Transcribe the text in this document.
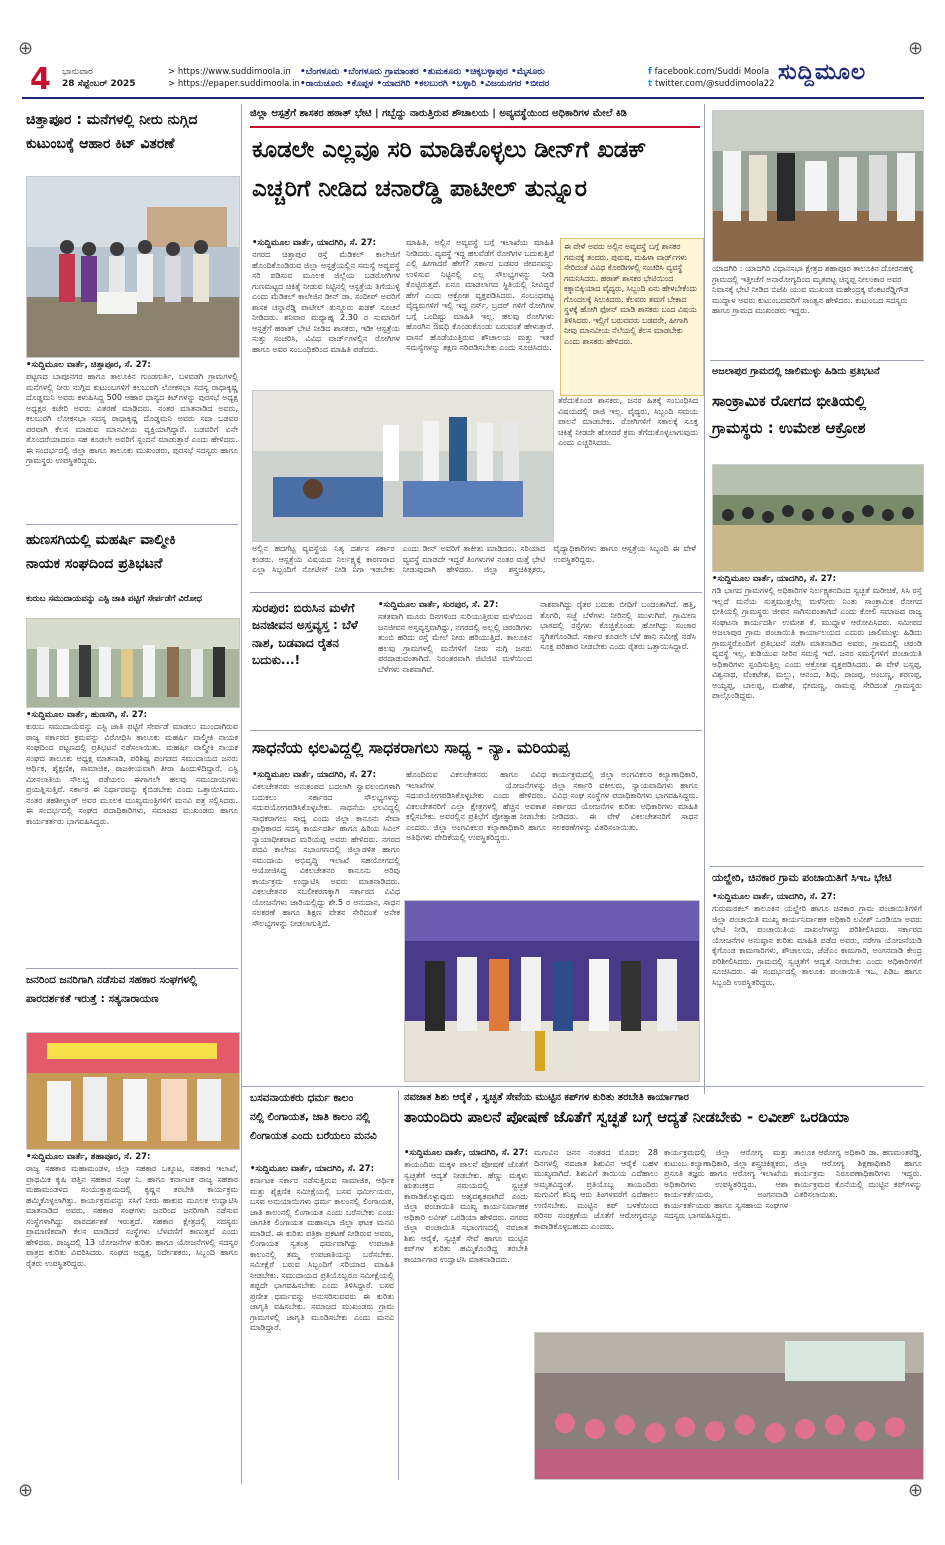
⊕	⊕
⊕	⊕
4 ಭಾನುವಾರ
28 ಸೆಪ್ಟೆಂಬರ್ 2025
> https://www.suddimoola.in
> https://epaper.suddimoola.in
•ಬೆಂಗಳೂರು •ಬೆಂಗಳೂರು ಗ್ರಾಮಾಂತರ •ತುಮಕೂರು •ಚಿಕ್ಕಬಳ್ಳಾಪುರ •ಮೈಸೂರು
•ರಾಯಚೂರು •ಕೊಪ್ಪಳ •ಯಾದಗಿರಿ •ಕಲಬುರಗಿ •ಬಳ್ಳಾರಿ •ವಿಜಯನಗರ •ಬೀದರ
f facebook.com/Suddi Moola
t twitter.com/@suddimoola22 ಸುದ್ದಿಮೂಲ
ಚಿತ್ತಾಪೂರ : ಮನೆಗಳಲ್ಲಿ ನೀರು ನುಗ್ಗಿದ
ಕುಟುಂಬಕ್ಕೆ ಆಹಾರ ಕಿಟ್ ವಿತರಣೆ
•ಸುದ್ದಿಮೂಲ ವಾರ್ತೆ, ಚಿತ್ತಾಪೂರ, ಸೆ. 27:
ಪಟ್ಟಣದ ಬಾಪೂನಗರ ಹಾಗೂ ತಾಲೂಕಿನ ಗುಂಡಗುರ್ತಿ, ಬಳವಡಗಿ ಗ್ರಾಮಗಳಲ್ಲಿ ಮನೆಗಳಲ್ಲಿ ನೀರು ನುಗ್ಗಿದ ಕುಟುಂಬಗಳಿಗೆ ಕಲಬುರಗಿ ಲೋಕಸಭಾ ಸದಸ್ಯ ರಾಧಾಕೃಷ್ಣ ದೊಡ್ಡಮನಿ ಅವರು ಕಳುಹಿಸಿದ್ದ 500 ಆಹಾರ ಧಾನ್ಯದ ಕಿಟ್‌ಗಳನ್ನು ಪುರಸಭೆ ಅಧ್ಯಕ್ಷ ಅಧ್ಯಕ್ಷರ ಕಚೇರಿ ಅವರು ವಿತರಣೆ ಮಾಡಿದರು. ನಂತರ ಮಾತನಾಡಿದ ಅವರು, ಕಲಬುರಗಿ ಲೋಕಸಭಾ ಸದಸ್ಯ ರಾಧಾಕೃಷ್ಣ ದೊಡ್ಡಮನಿ ಅವರು ಸದಾ ಬಡವರ ಪರವಾಗಿ ಕೆಲಸ ಮಾಡುವ ಮಾನವೀಯ ವ್ಯಕ್ತಿಯಾಗಿದ್ದಾರೆ. ಬಡವರಿಗೆ ಏನೇ ತೊಂದರೆಯಾದರೂ ಸಹ ಕೂಡಲೇ ಅವರಿಗೆ ಸ್ಪಂದನೆ ಮಾಡುತ್ತಾರೆ ಎಂದು ಹೇಳಿದರು. ಈ ಸಂದರ್ಭದಲ್ಲಿ ಜಿಲ್ಲಾ ಹಾಗೂ ತಾಲೂಕು ಮುಖಂಡರು, ಪುರಸಭೆ ಸದಸ್ಯರು ಹಾಗೂ ಗ್ರಾಮಸ್ಥರು ಉಪಸ್ಥಿತರಿದ್ದರು.
ಹುಣಸಗಿಯಲ್ಲಿ ಮಹರ್ಷಿ ವಾಲ್ಮೀಕಿ
ನಾಯಕ ಸಂಘದಿಂದ ಪ್ರತಿಭಟನೆ
ಕುರುಬ ಸಮುದಾಯವನ್ನು ಎಸ್ಟಿ ಜಾತಿ ಪಟ್ಟಿಗೆ ಸೇರ್ಪಡೆಗೆ ವಿರೋಧ
•ಸುದ್ದಿಮೂಲ ವಾರ್ತೆ, ಹುಣಸಗಿ, ಸೆ. 27:
ಕುರುಬ ಸಮುದಾಯವನ್ನು ಎಸ್ಟಿ ಜಾತಿ ಪಟ್ಟಿಗೆ ಸೇರ್ಪಡೆ ಮಾಡಲು ಮುಂದಾಗಿರುವ ರಾಜ್ಯ ಸರ್ಕಾರದ ಕ್ರಮವನ್ನು ವಿರೋಧಿಸಿ ತಾಲೂಕು ಮಹರ್ಷಿ ವಾಲ್ಮೀಕಿ ನಾಯಕ ಸಂಘದಿಂದ ಪಟ್ಟಣದಲ್ಲಿ ಪ್ರತಿಭಟನೆ ನಡೆಸಲಾಯಿತು. ಮಹರ್ಷಿ ವಾಲ್ಮೀಕಿ ನಾಯಕ ಸಂಘದ ತಾಲೂಕು ಅಧ್ಯಕ್ಷ ಮಾತನಾಡಿ, ಪರಿಶಿಷ್ಟ ಪಂಗಡದ ಸಮುದಾಯದ ಜನರು ಆರ್ಥಿಕ, ಶೈಕ್ಷಣಿಕ, ಸಾಮಾಜಿಕ, ರಾಜಕೀಯವಾಗಿ ತೀರಾ ಹಿಂದುಳಿದಿದ್ದಾರೆ. ಎಸ್ಟಿ ಮೀಸಲಾತಿಯ ಸೌಲಭ್ಯ ಪಡೆಯಲು ಈಗಾಗಲೇ ಹಲವು ಸಮುದಾಯಗಳು ಪ್ರಯತ್ನಿಸುತ್ತಿವೆ. ಸರ್ಕಾರ ಈ ನಿರ್ಧಾರವನ್ನು ಕೈಬಿಡಬೇಕು ಎಂದು ಒತ್ತಾಯಿಸಿದರು. ನಂತರ ತಹಶೀಲ್ದಾರ್ ಅವರ ಮೂಲಕ ಮುಖ್ಯಮಂತ್ರಿಗಳಿಗೆ ಮನವಿ ಪತ್ರ ಸಲ್ಲಿಸಿದರು. ಈ ಸಂದರ್ಭದಲ್ಲಿ ಸಂಘದ ಪದಾಧಿಕಾರಿಗಳು, ಸಮಾಜದ ಮುಖಂಡರು ಹಾಗೂ ಕಾರ್ಯಕರ್ತರು ಭಾಗವಹಿಸಿದ್ದರು.
ಜನರಿಂದ ಜನರಿಗಾಗಿ ನಡೆಸುವ ಸಹಕಾರ ಸಂಘಗಳಲ್ಲಿ
ಪಾರದರ್ಶಕತೆ ಇರುತ್ತೆ : ಸತ್ಯನಾರಾಯಣ
•ಸುದ್ದಿಮೂಲ ವಾರ್ತೆ, ಶಹಾಪೂರ, ಸೆ. 27:
ರಾಜ್ಯ ಸಹಕಾರ ಮಹಾಮಂಡಳ, ಜಿಲ್ಲಾ ಸಹಕಾರ ಒಕ್ಕೂಟ, ಸಹಕಾರ ಇಲಾಖೆ, ಪ್ರಾಥಮಿಕ ಕೃಷಿ ಪತ್ತಿನ ಸಹಕಾರ ಸಂಘ ನಿ. ಹಾಗೂ ಕರ್ನಾಟಕ ರಾಜ್ಯ ಸಹಕಾರ ಮಹಾಮಂಡಳದ ಸಂಯುಕ್ತಾಶ್ರಯದಲ್ಲಿ ಕೃಷ್ಣನ ತರಬೇತಿ ಕಾರ್ಯಕ್ರಮ ಹಮ್ಮಿಕೊಳ್ಳಲಾಗಿತ್ತು. ಕಾರ್ಯಕ್ರಮವನ್ನು ಸಸಿಗೆ ನೀರು ಹಾಕುವ ಮೂಲಕ ಉದ್ಘಾಟಿಸಿ ಮಾತನಾಡಿದ ಅವರು, ಸಹಕಾರ ಸಂಘಗಳು ಜನರಿಂದ ಜನರಿಗಾಗಿ ನಡೆಸುವ ಸಂಸ್ಥೆಗಳಾಗಿದ್ದು ಪಾರದರ್ಶಕತೆ ಇರುತ್ತದೆ. ಸಹಕಾರ ಕ್ಷೇತ್ರದಲ್ಲಿ ಸದಸ್ಯರು ಪ್ರಾಮಾಣಿಕವಾಗಿ ಕೆಲಸ ಮಾಡಿದರೆ ಸಂಸ್ಥೆಗಳು ಬೆಳವಣಿಗೆ ಕಾಣುತ್ತವೆ ಎಂದು ಹೇಳಿದರು. ರಾಜ್ಯದಲ್ಲಿ 13 ಯೋಜನೆಗಳ ಕುರಿತು ಹಾಗೂ ಯೋಜನೆಗಳಲ್ಲಿ ಸದಸ್ಯರ ಪಾತ್ರದ ಕುರಿತು ವಿವರಿಸಿದರು. ಸಂಘದ ಅಧ್ಯಕ್ಷ, ನಿರ್ದೇಶಕರು, ಸಿಬ್ಬಂದಿ ಹಾಗೂ ರೈತರು ಉಪಸ್ಥಿತರಿದ್ದರು.
ಜಿಲ್ಲಾ ಆಸ್ಪತ್ರೆಗೆ ಶಾಸಕರ ಹಠಾತ್ ಭೇಟಿ | ಗಬ್ಬೆದ್ದು ನಾರುತ್ತಿರುವ ಶೌಚಾಲಯ | ಅವ್ಯವಸ್ಥೆಯಿಂದ ಅಧಿಕಾರಿಗಳ ಮೇಲೆ ಕಿಡಿ
ಕೂಡಲೇ ಎಲ್ಲವೂ ಸರಿ ಮಾಡಿಕೊಳ್ಳಲು ಡೀನ್‌ಗೆ ಖಡಕ್
ಎಚ್ಚರಿಗೆ ನೀಡಿದ ಚನಾರೆಡ್ಡಿ ಪಾಟೀಲ್ ತುನ್ನೂರ
•ಸುದ್ದಿಮೂಲ ವಾರ್ತೆ, ಯಾದಗಿರಿ, ಸೆ. 27:
ನಗರದ ಚಿತ್ತಾಪುರ ರಸ್ತೆ ಮೆಡಿಕಲ್ ಕಾಲೇಜಿಗೆ ಹೊಂದಿಕೊಂಡಿರುವ ಜಿಲ್ಲಾ ಆಸ್ಪತ್ರೆಯಲ್ಲಿನ ಸಮಸ್ಯೆ ಅವ್ಯವಸ್ಥೆ ಸರಿ ಪಡಿಸುವ ಮೂಲಕ ಜಿಲ್ಲೆಯ ಬಡರೋಗಿಗಳ ಗುಣಮಟ್ಟದ ಚಿಕಿತ್ಸೆ ನೀಡುವ ನಿಟ್ಟಿನಲ್ಲಿ ಆಸ್ಪತ್ರೆಯ ತಿಗೆಯುಳ್ಳಿ ಎಂದು ಮೆಡಿಕಲ್ ಕಾಲೇಜಿನ ಡೀನ್ ಡಾ. ಸಂದೀಪ್ ಅವರಿಗೆ ಶಾಸಕ ಚನ್ನಾರೆಡ್ಡಿ ಪಾಟೀಲ್ ತುನ್ನೂರು ಖಡಕ್ ಸೂಚನೆ ನೀಡಿದರು. ಶನಿವಾರ ಮಧ್ಯಾಹ್ನ 2.30 ರ ಸುಮಾರಿಗೆ ಆಸ್ಪತ್ರೆಗೆ ಹಠಾತ್ ಭೇಟಿ ನೀಡಿದ ಶಾಸಕರು, ಇಡೀ ಆಸ್ಪತ್ರೆಯ ಸುತ್ತು ಸಂಚರಿಸಿ, ವಿವಿಧ ವಾರ್ಡ್‌ಗಳಲ್ಲಿನ ರೋಗಿಗಳ ಹಾಗೂ ಅವರ ಸಂಬಂಧಿಕರಿಂದ ಮಾಹಿತಿ ಪಡೆದರು.
ಮಾಹಿತಿ, ಅಲ್ಲಿನ ಅವ್ಯವಸ್ಥೆ ಬಗ್ಗೆ ಇಲಾಖೆಯ ಮಾಹಿತಿ ನೀಡಿದರು. ವ್ಯವಸ್ಥೆ ಇದ್ದ ಹಲವೆಡೆಗೆ ರೋಗಿಗಳ ಬದುಕುತ್ತಿವೆ ಎಲ್ಲಿ ಹೀಗಾದರೆ ಹೇಗೆ? ಸರ್ಕಾರ ಬಡವರ ಜೀವನವನ್ನು ಉಳಿಸುವ ನಿಟ್ಟಿನಲ್ಲಿ ಎಲ್ಲ ಸೌಲಭ್ಯಗಳನ್ನು ನೀಡಿ ಕೊಟ್ಟಿರುತ್ತದೆ. ಏನೂ ಮಾಡಲಾಗದ ಸ್ಥಿತಿಯಲ್ಲಿ ನೀವಿದ್ದರೆ ಹೇಗೆ ಎಂದು ಆಕ್ರೋಶ ವ್ಯಕ್ತಪಡಿಸಿದರು. ಸಂಬಂಧಪಟ್ಟ ವೈದ್ಯರುಗಳಿಗೆ ಇಲ್ಲಿ ಇದ್ದ ನರ್ಸ್, ಬ್ರದರ್ ಗಳಿಗೆ ರೋಗಿಗಳ ಬಗ್ಗೆ ಒಂದಿಷ್ಟು ಮಾಹಿತಿ ಇಲ್ಲ. ಹಲವು ರೋಗಿಗಳು ಹೊರಗಿನ ಔಷಧಿ ಕೊಂಡುಕೊಂಡು ಬರುವಂತೆ ಹೇಳುತ್ತಾರೆ. ವಾಸನೆ ಹೊಡೆಯುತ್ತಿರುವ ಶೌಚಾಲಯ ಮತ್ತು ಇತರೆ ಸಮಸ್ಯೆಗಳನ್ನು ತಕ್ಷಣ ಸರಿಪಡಿಸಬೇಕು ಎಂದು ಸೂಚಿಸಿದರು.
ಈ ವೇಳೆ ಅವರು ಅಲ್ಲಿನ ಅವ್ಯವಸ್ಥೆ ಬಗ್ಗೆ ಶಾಸಕರ ಗಮನಕ್ಕೆ ತಂದರು. ಪುರುಷ, ಮಹಿಳಾ ವಾರ್ಡ್‌ಗಳು ಸೇರಿದಂತೆ ವಿವಿಧ ಕೊಠಡಿಗಳಲ್ಲಿ ಸಂಚರಿಸಿ ವ್ಯವಸ್ಥೆ ಗಮನಿಸಿದರು. ಹಠಾತ್ ಶಾಸಕರ ಭೇಟಿಯಿಂದ ಕಕ್ಕಾಬಿಕ್ಕಿಯಾದ ವೈದ್ಯರು, ಸಿಬ್ಬಂದಿ ಏನು ಹೇಳಬೇಕೆಂದು ಗೊಂದಲಕ್ಕೆ ಸಿಲುಕಿದರು. ಕೆಲವರು ತಮಗೆ ಬೇಕಾದ ಸ್ಥಳಕ್ಕೆ ಹೋಗಿ ಫೋನ್ ಮಾಡಿ ಶಾಸಕರು ಬಂದ ವಿಷಯ ತಿಳಿಸಿದರು. ಇಲ್ಲಿಗೆ ಬರುವವರು ಬಡವರೇ, ಹೀಗಾಗಿ ನೀವು ಮಾನವೀಯ ನೆಲೆಯಲ್ಲಿ ಕೆಲಸ ಮಾಡಬೇಕು ಎಂದು ಶಾಸಕರು ಹೇಳಿದರು.
ತೆರೆದುಕೊಂಡ ಶಾಸಕರು, ಜನರ ಹಿತಕ್ಕೆ ಸಂಬಂಧಿಸಿದ ವಿಷಯದಲ್ಲಿ ರಾಜಿ ಇಲ್ಲ. ವೈದ್ಯರು, ಸಿಬ್ಬಂದಿ ಸಮಯ ಪಾಲನೆ ಮಾಡಬೇಕು. ರೋಗಿಗಳಿಗೆ ಸಕಾಲಕ್ಕೆ ಸೂಕ್ತ ಚಿಕಿತ್ಸೆ ನೀಡದೇ ಹೋದರೆ ಕ್ರಮ ತೆಗೆದುಕೊಳ್ಳಲಾಗುವುದು ಎಂದು ಎಚ್ಚರಿಸಿದರು.
ಅಲ್ಲಿನ ಹದಗೆಟ್ಟ ವ್ಯವಸ್ಥೆಯ ನಿತ್ಯ ದರ್ಶನ ಸರ್ಕಾರ ಕಂಡರು. ಆಸ್ಪತ್ರೆಯ ವಿಷಯದ ನಿರ್ಲಕ್ಷ್ಯಕ್ಕೆ ಕಾರಣರಾದ ಎಲ್ಲಾ ಸಿಬ್ಬಂದಿಗೆ ನೋಟೀಸ್ ನೀಡಿ ನಿಗಾ ಇಡಬೇಕು ಎಂದು ಡೀನ್ ಅವರಿಗೆ ತಾಕೀತು ಮಾಡಿದರು. ಸರಿಯಾದ ವ್ಯವಸ್ಥೆ ಮಾಡದೇ ಇದ್ದರೆ ತಿಂಗಳುಗಳ ನಂತರ ಮತ್ತೆ ಭೇಟಿ ನೀಡುವುದಾಗಿ ಹೇಳಿದರು. ಜಿಲ್ಲಾ ಶಸ್ತ್ರಚಿಕಿತ್ಸಕರು, ವೈದ್ಯಾಧಿಕಾರಿಗಳು ಹಾಗೂ ಆಸ್ಪತ್ರೆಯ ಸಿಬ್ಬಂದಿ ಈ ವೇಳೆ ಉಪಸ್ಥಿತರಿದ್ದರು.
ಸುರಪುರ: ಬಿರುಸಿನ ಮಳೆಗೆ ಜನಜೀವನ ಅಸ್ತವ್ಯಸ್ತ : ಬೆಳೆ ನಾಶ, ಬಡವಾದ ರೈತನ ಬದುಕು...!
•ಸುದ್ದಿಮೂಲ ವಾರ್ತೆ, ಸುರಪುರ, ಸೆ. 27:
ಸತತವಾಗಿ ಮೂರು ದಿನಗಳಿಂದ ಸುರಿಯುತ್ತಿರುವ ಮಳೆಯಿಂದ ಜನಜೀವನ ಅಸ್ತವ್ಯಸ್ತವಾಗಿದ್ದು, ನಗರದಲ್ಲಿ ಅಲ್ಲಲ್ಲಿ ಚರಂಡಿಗಳು ತುಂಬಿ ಹರಿದು ರಸ್ತೆ ಮೇಲೆ ನೀರು ಹರಿಯುತ್ತಿದೆ. ತಾಲೂಕಿನ ಹಲವು ಗ್ರಾಮಗಳಲ್ಲಿ ಮನೆಗಳಿಗೆ ನೀರು ನುಗ್ಗಿ ಜನರು ಪರದಾಡುವಂತಾಗಿದೆ. ನಿರಂತರವಾಗಿ ಜಿಟಿಜಿಟಿ ಮಳೆಯಿಂದ ಬೆಳೆಗಳು ನಾಶವಾಗಿವೆ.
ನಾಶವಾಗಿದ್ದು ರೈತರ ಬದುಕು ಬೀದಿಗೆ ಬಂದಂತಾಗಿದೆ. ಹತ್ತಿ, ತೊಗರಿ, ಸಜ್ಜೆ ಬೆಳೆಗಳು ನೀರಿನಲ್ಲಿ ಮುಳುಗಿವೆ. ಗ್ರಾಮೀಣ ಭಾಗದಲ್ಲಿ ರಸ್ತೆಗಳು ಕೊಚ್ಚಿಕೊಂಡು ಹೋಗಿದ್ದು ಸಂಚಾರ ಸ್ಥಗಿತಗೊಂಡಿದೆ. ಸರ್ಕಾರ ಕೂಡಲೇ ಬೆಳೆ ಹಾನಿ ಸಮೀಕ್ಷೆ ನಡೆಸಿ ಸೂಕ್ತ ಪರಿಹಾರ ನೀಡಬೇಕು ಎಂದು ರೈತರು ಒತ್ತಾಯಿಸಿದ್ದಾರೆ.
ಸಾಧನೆಯ ಛಲವಿದ್ದಲ್ಲಿ ಸಾಧಕರಾಗಲು ಸಾಧ್ಯ - ನ್ಯಾ. ಮರಿಯಪ್ಪ
•ಸುದ್ದಿಮೂಲ ವಾರ್ತೆ, ಯಾದಗಿರಿ, ಸೆ. 27:
ವಿಕಲಚೇತನರು ಅನುಕಂಪದ ಬದಲಾಗಿ ಸ್ವಾವಲಂಬಿಗಳಾಗಿ ಬದುಕಲು ಸರ್ಕಾರದ ಸೌಲಭ್ಯಗಳನ್ನು ಸದುಪಯೋಗಪಡಿಸಿಕೊಳ್ಳಬೇಕು. ಸಾಧನೆಯ ಛಲವಿದ್ದಲ್ಲಿ ಸಾಧಕರಾಗಲು ಸಾಧ್ಯ ಎಂದು ಜಿಲ್ಲಾ ಕಾನೂನು ಸೇವಾ ಪ್ರಾಧಿಕಾರದ ಸದಸ್ಯ ಕಾರ್ಯದರ್ಶಿ ಹಾಗೂ ಹಿರಿಯ ಸಿವಿಲ್ ನ್ಯಾಯಾಧೀಶರಾದ ಮರಿಯಪ್ಪ ಅವರು ಹೇಳಿದರು. ನಗರದ ಪದವಿ ಕಾಲೇಜು ಸಭಾಂಗಣದಲ್ಲಿ ಜಿಲ್ಲಾಡಳಿತ ಹಾಗೂ ಸಮುದಾಯ ಅಭಿವೃದ್ಧಿ ಇಲಾಖೆ ಸಹಯೋಗದಲ್ಲಿ ಆಯೋಜಿಸಿದ್ದ ವಿಕಲಚೇತನರ ಕಾನೂನು ಅರಿವು ಕಾರ್ಯಕ್ರಮ ಉದ್ಘಾಟಿಸಿ ಅವರು ಮಾತನಾಡಿದರು. ವಿಕಲಚೇತನರ ಸಬಲೀಕರಣಕ್ಕಾಗಿ ಸರ್ಕಾರದ ವಿವಿಧ ಯೋಜನೆಗಳು ಜಾರಿಯಲ್ಲಿದ್ದು ಶೇ.5 ರ ಅನುದಾನ, ಸಾಧನ ಸಲಕರಣೆ ಹಾಗೂ ಶಿಕ್ಷಣ ವೇತನ ಸೇರಿದಂತೆ ಅನೇಕ ಸೌಲಭ್ಯಗಳನ್ನು ನೀಡಲಾಗುತ್ತಿದೆ.
ಹೊಂದಿರುವ ವಿಕಲಚೇತನರು ಹಾಗೂ ವಿವಿಧ ಇಲಾಖೆಗಳ ಯೋಜನೆಗಳನ್ನು ಸದುಪಯೋಗಪಡಿಸಿಕೊಳ್ಳಬೇಕು ಎಂದು ಹೇಳಿದರು. ವಿಕಲಚೇತನರಿಗೆ ಎಲ್ಲಾ ಕ್ಷೇತ್ರಗಳಲ್ಲಿ ಹೆಚ್ಚಿನ ಅವಕಾಶ ಕಲ್ಪಿಸಬೇಕು. ಅವರಲ್ಲಿನ ಪ್ರತಿಭೆಗೆ ಪ್ರೋತ್ಸಾಹ ನೀಡಬೇಕು ಎಂದರು. ಜಿಲ್ಲಾ ಅಂಗವಿಕಲರ ಕಲ್ಯಾಣಾಧಿಕಾರಿ ಹಾಗೂ ಅತಿಥಿಗಳು ವೇದಿಕೆಯಲ್ಲಿ ಉಪಸ್ಥಿತರಿದ್ದರು.
ಕಾರ್ಯಕ್ರಮದಲ್ಲಿ ಜಿಲ್ಲಾ ಅಂಗವಿಕಲರ ಕಲ್ಯಾಣಾಧಿಕಾರಿ, ಜಿಲ್ಲಾ ಸರ್ಕಾರಿ ವಕೀಲರು, ನ್ಯಾಯವಾದಿಗಳು ಹಾಗೂ ವಿವಿಧ ಸಂಘ ಸಂಸ್ಥೆಗಳ ಪದಾಧಿಕಾರಿಗಳು ಭಾಗವಹಿಸಿದ್ದರು. ಸರ್ಕಾರದ ಯೋಜನೆಗಳ ಕುರಿತು ಅಧಿಕಾರಿಗಳು ಮಾಹಿತಿ ನೀಡಿದರು. ಈ ವೇಳೆ ವಿಕಲಚೇತನರಿಗೆ ಸಾಧನ ಸಲಕರಣೆಗಳನ್ನು ವಿತರಿಸಲಾಯಿತು.
ಯಾದಗಿರಿ : ಯಾದಗಿರಿ ವಿಧಾನಸಭಾ ಕ್ಷೇತ್ರದ ಶಹಾಪೂರ ತಾಲೂಕಿನ ದೋರನಹಳ್ಳಿ ಗ್ರಾಮದಲ್ಲಿ ಇತ್ತೀಚೆಗೆ ಅನಾರೋಗ್ಯದಿಂದ ಮೃತಪಟ್ಟ ಚಿನ್ನಪ್ಪ ನೀಲಂಕಾರ ಅವರ ನಿವಾಸಕ್ಕೆ ಭೇಟಿ ನೀಡಿದ ಬಿಜೆಪಿ ಯುವ ಮುಖಂಡ ಮಹೇಂದ್ರಕ್ಕ ವೆಂಕಟರೆಡ್ಡಿಗೌಡ ಮುದ್ನಾಳ ಅವರು ಕುಟುಂಬದವರಿಗೆ ಸಾಂತ್ವನ ಹೇಳಿದರು. ಕುಟುಂಬದ ಸದಸ್ಯರು ಹಾಗೂ ಗ್ರಾಮದ ಮುಖಂಡರು ಇದ್ದರು.
ಅಜಲಾಪುರ ಗ್ರಾಮದಲ್ಲಿ ಜಾಲಿಮುಳ್ಳು ಹಿಡಿದು ಪ್ರತಿಭಟನೆ
ಸಾಂಕ್ರಾಮಿಕ ರೋಗದ ಭೀತಿಯಲ್ಲಿ
ಗ್ರಾಮಸ್ಥರು : ಉಮೇಶ ಆಕ್ರೋಶ
•ಸುದ್ದಿಮೂಲ ವಾರ್ತೆ, ಯಾದಗಿರಿ, ಸೆ. 27:
ಗಡಿ ಭಾಗದ ಗ್ರಾಮಗಳಲ್ಲಿ ಅಧಿಕಾರಿಗಳ ನಿರ್ಲಕ್ಷ್ಯತನದಿಂದ ಸ್ವಚ್ಛತೆ ಮರೀಚಿಕೆ, ಸಿಸಿ ರಸ್ತೆ ಇಲ್ಲದೆ ಮನೆಯ ಸುತ್ತಮುತ್ತಲೆಲ್ಲ ಮಳೆನೀರು ನಿಂತು ಸಾಂಕ್ರಾಮಿಕ ರೋಗದ ಭೀತಿಯಲ್ಲಿ ಗ್ರಾಮಸ್ಥರು ಜೀವನ ಸಾಗಿಸುವಂತಾಗಿದೆ ಎಂದು ಕೋಲಿ ಸಮಾಜದ ರಾಜ್ಯ ಸಂಘಟನಾ ಕಾರ್ಯದರ್ಶಿ ಉಮೇಶ ಕೆ. ಮುದ್ನಾಳ ಆರೋಪಿಸಿದರು. ಸಮೀಪದ ಅಜಲಾಪುರ ಗ್ರಾಮ ಪಂಚಾಯಿತಿ ಕಾರ್ಯಾಲಯದ ಎದುರು ಜಾಲಿಮುಳ್ಳು ಹಿಡಿದು ಗ್ರಾಮಸ್ಥರೊಂದಿಗೆ ಪ್ರತಿಭಟನೆ ನಡೆಸಿ ಮಾತನಾಡಿದ ಅವರು, ಗ್ರಾಮದಲ್ಲಿ ಚರಂಡಿ ವ್ಯವಸ್ಥೆ ಇಲ್ಲ, ಕುಡಿಯುವ ನೀರಿನ ಸಮಸ್ಯೆ ಇದೆ. ಜನರ ಸಮಸ್ಯೆಗಳಿಗೆ ಪಂಚಾಯಿತಿ ಅಧಿಕಾರಿಗಳು ಸ್ಪಂದಿಸುತ್ತಿಲ್ಲ ಎಂದು ಆಕ್ರೋಶ ವ್ಯಕ್ತಪಡಿಸಿದರು. ಈ ವೇಳೆ ಬಸ್ಸಪ್ಪ, ವಿಶ್ವನಾಥ, ವೆಂಕಟೇಶ, ಮಲ್ಲು, ಆನಂದ, ಶಿವು, ರಾಜಪ್ಪ, ಅಂಬಣ್ಣ, ಶರಣಪ್ಪ, ಅಯ್ಯಪ್ಪ, ಬಾಲಪ್ಪ, ಮಹೇಶ, ಭೀಮಣ್ಣ, ರಾಮಪ್ಪ ಸೇರಿದಂತೆ ಗ್ರಾಮಸ್ಥರು ಪಾಲ್ಗೊಂಡಿದ್ದರು.
ಯಲ್ಹೇರಿ, ಚಿನಕಾರ ಗ್ರಾಮ ಪಂಚಾಯಿತಿಗೆ ಸಿಇಒ ಭೇಟಿ
•ಸುದ್ದಿಮೂಲ ವಾರ್ತೆ, ಯಾದಗಿರಿ, ಸೆ. 27:
ಗುರುಮಠಕಲ್ ತಾಲೂಕಿನ ಯಲ್ಹೇರಿ ಹಾಗೂ ಚಿನಕಾರ ಗ್ರಾಮ ಪಂಚಾಯಿತಿಗಳಿಗೆ ಜಿಲ್ಲಾ ಪಂಚಾಯಿತಿ ಮುಖ್ಯ ಕಾರ್ಯನಿರ್ವಾಹಕ ಅಧಿಕಾರಿ ಲವೀಶ್ ಒರಡಿಯಾ ಅವರು ಭೇಟಿ ನೀಡಿ, ಪಂಚಾಯಿತಿಯ ದಾಖಲೆಗಳನ್ನು ಪರಿಶೀಲಿಸಿದರು. ಸರ್ಕಾರದ ಯೋಜನೆಗಳ ಅನುಷ್ಠಾನ ಕುರಿತು ಮಾಹಿತಿ ಪಡೆದ ಅವರು, ನರೇಗಾ ಯೋಜನೆಯಡಿ ಕೈಗೊಂಡ ಕಾಮಗಾರಿಗಳು, ಶೌಚಾಲಯ, ಜೆಜೆಎಂ ಕಾಮಗಾರಿ, ಅಂಗನವಾಡಿ ಕೇಂದ್ರ ಪರಿಶೀಲಿಸಿದರು. ಗ್ರಾಮದಲ್ಲಿ ಸ್ವಚ್ಛತೆಗೆ ಆದ್ಯತೆ ನೀಡಬೇಕು ಎಂದು ಅಧಿಕಾರಿಗಳಿಗೆ ಸೂಚಿಸಿದರು. ಈ ಸಂದರ್ಭದಲ್ಲಿ ತಾಲೂಕು ಪಂಚಾಯಿತಿ ಇಒ, ಪಿಡಿಒ ಹಾಗೂ ಸಿಬ್ಬಂದಿ ಉಪಸ್ಥಿತರಿದ್ದರು.
ಬಸವನಾಯಕರು ಧರ್ಮ ಕಾಲಂ
ನಲ್ಲಿ ಲಿಂಗಾಯತ, ಜಾತಿ ಕಾಲಂ ನಲ್ಲಿ
ಲಿಂಗಾಯತ ಎಂದು ಬರೆಯಲು ಮನವಿ
•ಸುದ್ದಿಮೂಲ ವಾರ್ತೆ, ಯಾದಗಿರಿ, ಸೆ. 27:
ಕರ್ನಾಟಕ ಸರ್ಕಾರ ನಡೆಸುತ್ತಿರುವ ಸಾಮಾಜಿಕ, ಆರ್ಥಿಕ ಮತ್ತು ಶೈಕ್ಷಣಿಕ ಸಮೀಕ್ಷೆಯಲ್ಲಿ ಬಸವ ಧರ್ಮೀಯರು, ಬಸವ ಅನುಯಾಯಿಗಳು ಧರ್ಮ ಕಾಲಂನಲ್ಲಿ ಲಿಂಗಾಯತ, ಜಾತಿ ಕಾಲಂನಲ್ಲಿ ಲಿಂಗಾಯತ ಎಂದು ಬರೆಸಬೇಕು ಎಂದು ಜಾಗತಿಕ ಲಿಂಗಾಯತ ಮಹಾಸಭಾ ಜಿಲ್ಲಾ ಘಟಕ ಮನವಿ ಮಾಡಿದೆ. ಈ ಕುರಿತು ಪತ್ರಿಕಾ ಪ್ರಕಟಣೆ ನೀಡಿರುವ ಅವರು, ಲಿಂಗಾಯತ ಸ್ವತಂತ್ರ ಧರ್ಮವಾಗಿದ್ದು ಉಪಜಾತಿ ಕಾಲಂನಲ್ಲಿ ತಮ್ಮ ಉಪಜಾತಿಯನ್ನು ಬರೆಸಬೇಕು. ಸಮೀಕ್ಷೆಗೆ ಬರುವ ಸಿಬ್ಬಂದಿಗೆ ಸರಿಯಾದ ಮಾಹಿತಿ ನೀಡಬೇಕು. ಸಮುದಾಯದ ಪ್ರತಿಯೊಬ್ಬರೂ ಸಮೀಕ್ಷೆಯಲ್ಲಿ ತಪ್ಪದೇ ಭಾಗವಹಿಸಬೇಕು ಎಂದು ತಿಳಿಸಿದ್ದಾರೆ. ಬಸವ ಪ್ರಣೀತ ಧರ್ಮವನ್ನು ಅನುಸರಿಸುವವರು ಈ ಕುರಿತು ಜಾಗೃತಿ ವಹಿಸಬೇಕು. ಸಮಾಜದ ಮುಖಂಡರು ಗ್ರಾಮ ಗ್ರಾಮಗಳಲ್ಲಿ ಜಾಗೃತಿ ಮೂಡಿಸಬೇಕು ಎಂದು ಮನವಿ ಮಾಡಿದ್ದಾರೆ.
ನವಜಾತ ಶಿಶು ಆರೈಕೆ , ಸ್ವಚ್ಛತೆ ಸೇವೆಯ ಮುಟ್ಟಿನ ಕಪ್‌ಗಳ ಕುರಿತು ತರಬೇತಿ ಕಾರ್ಯಾಗಾರ
ತಾಯಂದಿರು ಪಾಲನೆ ಪೋಷಣೆ ಜೊತೆಗೆ ಸ್ವಚ್ಛತೆ ಬಗ್ಗೆ ಆದ್ಯತೆ ನೀಡಬೇಕು - ಲವೀಶ್ ಒರಡಿಯಾ
•ಸುದ್ದಿಮೂಲ ವಾರ್ತೆ, ಯಾದಗಿರಿ, ಸೆ. 27:
ತಾಯಂದಿರು ಮಕ್ಕಳ ಪಾಲನೆ ಪೋಷಣೆ ಜೊತೆಗೆ ಸ್ವಚ್ಛತೆಗೆ ಆದ್ಯತೆ ನೀಡಬೇಕು. ಹೆಣ್ಣು ಮಕ್ಕಳು ಋತುಚಕ್ರದ ಸಮಯದಲ್ಲಿ ಸ್ವಚ್ಛತೆ ಕಾಪಾಡಿಕೊಳ್ಳುವುದು ಅತ್ಯವಶ್ಯಕವಾಗಿದೆ ಎಂದು ಜಿಲ್ಲಾ ಪಂಚಾಯಿತಿ ಮುಖ್ಯ ಕಾರ್ಯನಿರ್ವಾಹಕ ಅಧಿಕಾರಿ ಲವೀಶ್ ಒರಡಿಯಾ ಹೇಳಿದರು. ನಗರದ ಜಿಲ್ಲಾ ಪಂಚಾಯಿತಿ ಸಭಾಂಗಣದಲ್ಲಿ ನವಜಾತ ಶಿಶು ಆರೈಕೆ, ಸ್ವಚ್ಛತೆ ಸೇವೆ ಹಾಗೂ ಮುಟ್ಟಿನ ಕಪ್‌ಗಳ ಕುರಿತು ಹಮ್ಮಿಕೊಂಡಿದ್ದ ತರಬೇತಿ ಕಾರ್ಯಾಗಾರ ಉದ್ಘಾಟಿಸಿ ಮಾತನಾಡಿದರು.
ಮಗುವಿನ ಜನನ ನಂತರದ ಮೊದಲ 28 ದಿನಗಳಲ್ಲಿ ನವಜಾತ ಶಿಶುವಿನ ಆರೈಕೆ ಬಹಳ ಮುಖ್ಯವಾಗಿದೆ. ಶಿಶುವಿಗೆ ತಾಯಿಯ ಎದೆಹಾಲು ಅಮೃತವಿದ್ದಂತೆ. ಪ್ರತಿಯೊಬ್ಬ ತಾಯಂದಿರು ಮಗುವಿಗೆ ಕನಿಷ್ಠ ಆರು ತಿಂಗಳವರೆಗೆ ಎದೆಹಾಲು ಉಣಿಸಬೇಕು. ಮುಟ್ಟಿನ ಕಪ್ ಬಳಕೆಯಿಂದ ಪರಿಸರ ಸಂರಕ್ಷಣೆಯ ಜೊತೆಗೆ ಆರೋಗ್ಯವನ್ನೂ ಕಾಪಾಡಿಕೊಳ್ಳಬಹುದು ಎಂದರು.
ಕಾರ್ಯಕ್ರಮದಲ್ಲಿ ಜಿಲ್ಲಾ ಆರೋಗ್ಯ ಮತ್ತು ಕುಟುಂಬ ಕಲ್ಯಾಣಾಧಿಕಾರಿ, ಜಿಲ್ಲಾ ಶಸ್ತ್ರಚಿಕಿತ್ಸಕರು, ಪ್ರಸೂತಿ ತಜ್ಞರು ಹಾಗೂ ಆರೋಗ್ಯ ಇಲಾಖೆಯ ಅಧಿಕಾರಿಗಳು ಉಪಸ್ಥಿತರಿದ್ದರು. ಆಶಾ ಕಾರ್ಯಕರ್ತೆಯರು, ಅಂಗನವಾಡಿ ಕಾರ್ಯಕರ್ತೆಯರು ಹಾಗೂ ಸ್ವಸಹಾಯ ಸಂಘಗಳ ಸದಸ್ಯರು ಭಾಗವಹಿಸಿದ್ದರು.
ತಾಲೂಕ ಆರೋಗ್ಯ ಅಧಿಕಾರಿ ಡಾ. ಹಣಮಂತರೆಡ್ಡಿ, ಜಿಲ್ಲಾ ಆರೋಗ್ಯ ಶಿಕ್ಷಣಾಧಿಕಾರಿ ಹಾಗೂ ಕಾರ್ಯಕ್ರಮ ನಿರೂಪಣಾಧಿಕಾರಿಗಳು ಇದ್ದರು. ಕಾರ್ಯಕ್ರಮದ ಕೊನೆಯಲ್ಲಿ ಮುಟ್ಟಿನ ಕಪ್‌ಗಳನ್ನು ವಿತರಿಸಲಾಯಿತು.
